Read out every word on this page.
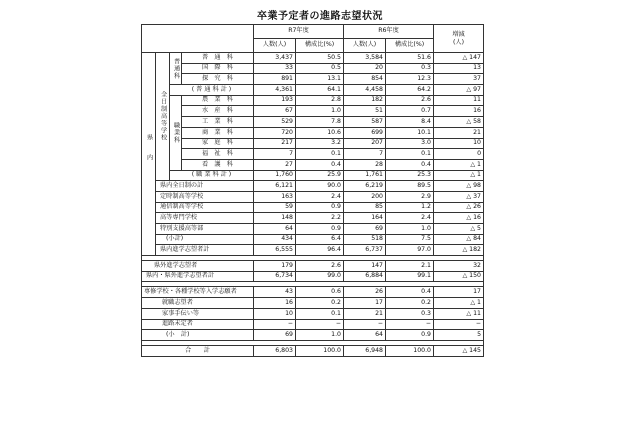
卒業予定者の進路志望状況
				R7年度		R6年度		増減
(人)
				人数(人)	構成比(%)	人数(人)	構成比(%)	
県内	全日制高等学校	普通科	普　通　科	3,437	50.5	3,584	51.6	△ 147
			国　際　科	33	0.5	20	0.3	13
			探　究　科	891	13.1	854	12.3	37
		( 普 通 科 計 )		4,361	64.1	4,458	64.2	△ 97
		職業科	農　業　科	193	2.8	182	2.6	11
			水　産　科	67	1.0	51	0.7	16
			工　業　科	529	7.8	587	8.4	△ 58
			商　業　科	720	10.6	699	10.1	21
			家　庭　科	217	3.2	207	3.0	10
			福　祉　科	7	0.1	7	0.1	0
			看　護　科	27	0.4	28	0.4	△ 1
		( 職 業 科 計 )		1,760	25.9	1,761	25.3	△ 1
	県内全日制の計			6,121	90.0	6,219	89.5	△ 98
	定時制高等学校			163	2.4	200	2.9	△ 37
	通信制高等学校			59	0.9	85	1.2	△ 26
	高等専門学校			148	2.2	164	2.4	△ 16
	特別支援高等部			64	0.9	69	1.0	△ 5
	(小計)			434	6.4	518	7.5	△ 84
	県内進学志望者計			6,555	96.4	6,737	97.0	△ 182

県外進学志望者				179	2.6	147	2.1	32
県内・県外進学志望者計				6,734	99.0	6,884	99.1	△ 150

専修学校・各種学校等入学志願者				43	0.6	26	0.4	17
就職志望者				16	0.2	17	0.2	△ 1
家事手伝い等				10	0.1	21	0.3	△ 11
進路未定者				−	−	−	−	−
(小　計)				69	1.0	64	0.9	5

合　　計				6,803	100.0	6,948	100.0	△ 145
